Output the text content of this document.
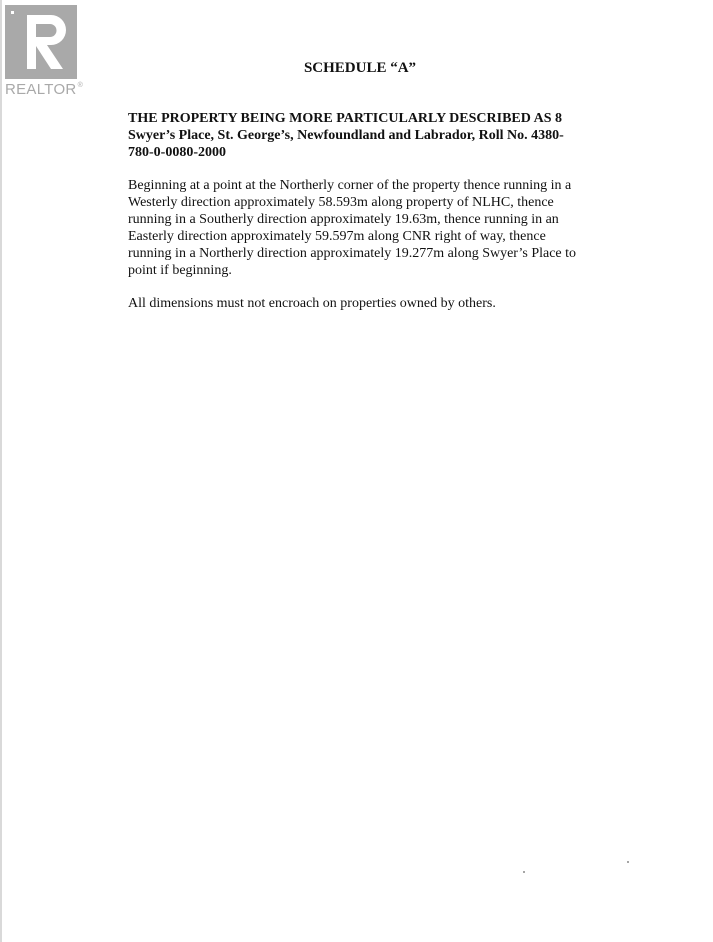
REALTOR®

SCHEDULE “A”

THE PROPERTY BEING MORE PARTICULARLY DESCRIBED AS 8 Swyer’s Place, St. George’s, Newfoundland and Labrador, Roll No. 4380-780-0-0080-2000

Beginning at a point at the Northerly corner of the property thence running in a Westerly direction approximately 58.593m along property of NLHC, thence running in a Southerly direction approximately 19.63m, thence running in an Easterly direction approximately 59.597m along CNR right of way, thence running in a Northerly direction approximately 19.277m along Swyer’s Place to point if beginning.

All dimensions must not encroach on properties owned by others.
